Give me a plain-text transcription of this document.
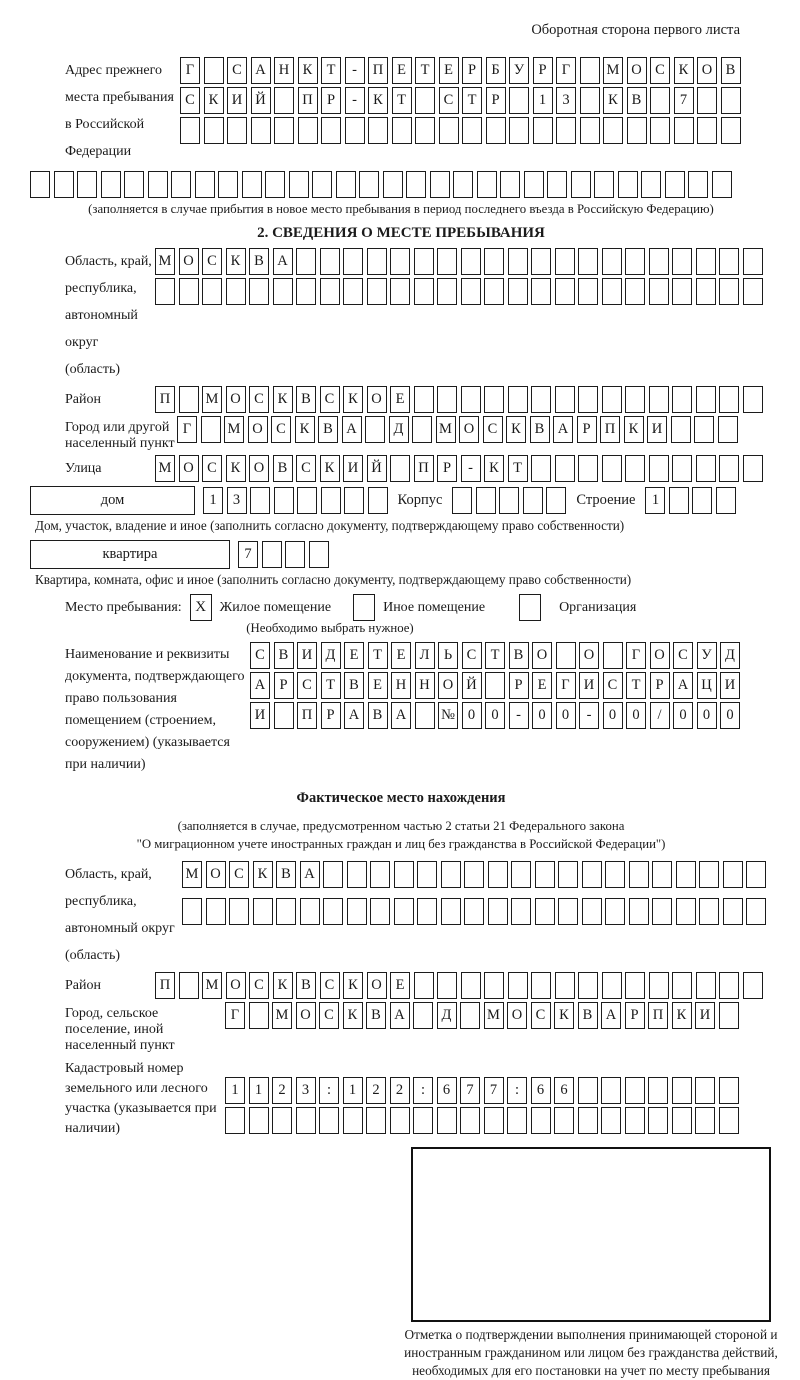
Оборотная сторона первого листа
Адрес прежнего места пребывания в Российской Федерации
Г	С А Н К Т	-	П Е	Т	Е	Р	Б У Р	Г	М О С К О В
С К И Й	П Р	-	К Т	С Т	Р	1	3	К В	7
(заполняется в случае прибытия в новое место пребывания в период последнего въезда в Российскую Федерацию)
2. СВЕДЕНИЯ О МЕСТЕ ПРЕБЫВАНИЯ
Область, край, республика, автономный округ (область)
М О С К В А
Район	П	М О С К В С К О Е
Город или другой населенный пункт
Г	М О С К В А	Д	М О С К В А Р П К И
Улица	М О С К О В С К И Й	П Р	-	К Т
дом	1	3	Корпус	Строение	1
Дом, участок, владение и иное (заполнить согласно документу, подтверждающему право собственности)
квартира	7
Квартира, комната, офис и иное (заполнить согласно документу, подтверждающему право собственности)
Место пребывания: X Жилое помещение	Иное помещение	Организация
(Необходимо выбрать нужное)
Наименование и реквизиты документа, подтверждающего право пользования помещением (строением, сооружением) (указывается при наличии)
С В И Д Е	Т	Е Л Ь	С Т В О	О	Г О С У Д
А Р	С Т В Е Н Н О Й	Р	Е	Г И С Т	Р А Ц И
И	П Р А В А	№ 0	0	-	0	0	-	0	0	/	0	0	0
Фактическое место нахождения
(заполняется в случае, предусмотренном частью 2 статьи 21 Федерального закона
"О миграционном учете иностранных граждан и лиц без гражданства в Российской Федерации")
Область, край, республика, автономный округ (область)
М О С К В А
Район	П	М О С К В С К О Е
Город, сельское поселение, иной населенный пункт
Г	М О С К В А	Д	М О С К В А Р П К И
Кадастровый номер земельного или лесного участка (указывается при наличии)
1	1	2	3	:	1	2	2	:	6	7	7	:	6	6
Отметка о подтверждении выполнения принимающей стороной и иностранным гражданином или лицом без гражданства действий, необходимых для его постановки на учет по месту пребывания
